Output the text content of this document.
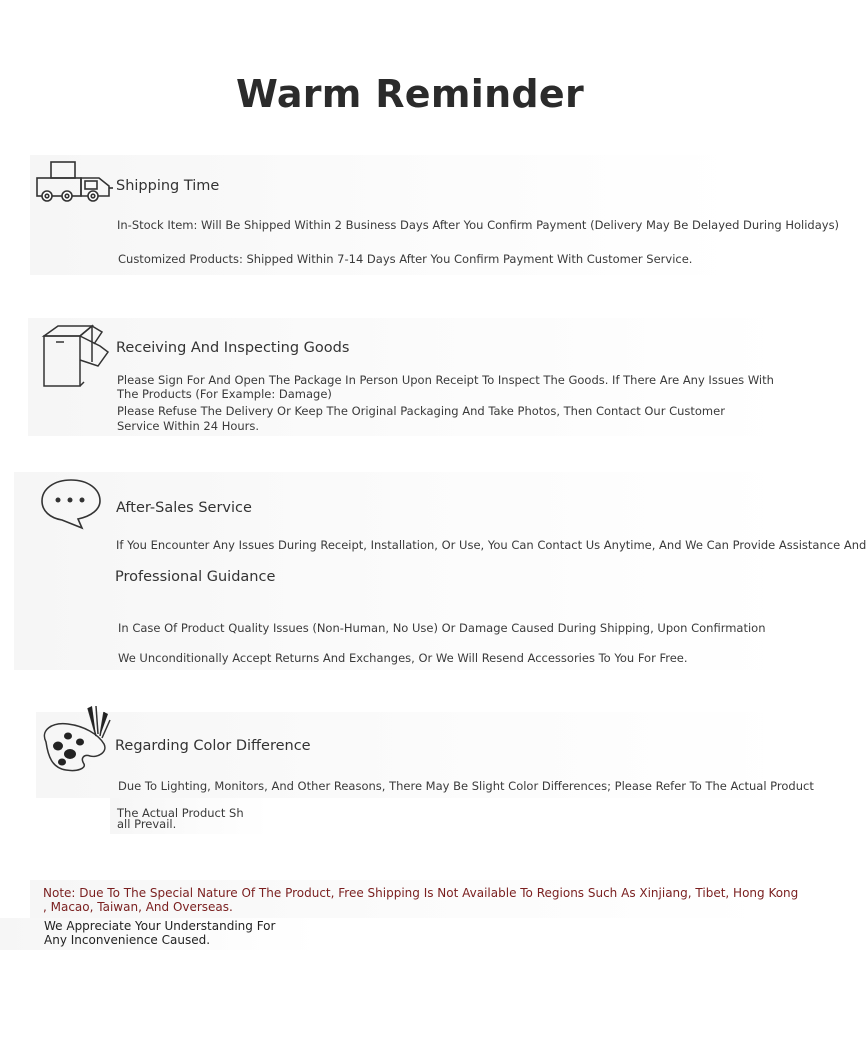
Warm Reminder
Shipping Time
In-Stock Item: Will Be Shipped Within 2 Business Days After You Confirm Payment (Delivery May Be Delayed During Holidays)
Customized Products: Shipped Within 7-14 Days After You Confirm Payment With Customer Service.
Receiving And Inspecting Goods
Please Sign For And Open The Package In Person Upon Receipt To Inspect The Goods. If There Are Any Issues With
The Products (For Example: Damage)
Please Refuse The Delivery Or Keep The Original Packaging And Take Photos, Then Contact Our Customer
Service Within 24 Hours.
After-Sales Service
If You Encounter Any Issues During Receipt, Installation, Or Use, You Can Contact Us Anytime, And We Can Provide Assistance And
Professional Guidance
In Case Of Product Quality Issues (Non-Human, No Use) Or Damage Caused During Shipping, Upon Confirmation
We Unconditionally Accept Returns And Exchanges, Or We Will Resend Accessories To You For Free.
Regarding Color Difference
Due To Lighting, Monitors, And Other Reasons, There May Be Slight Color Differences; Please Refer To The Actual Product
The Actual Product Sh
all Prevail.
Note: Due To The Special Nature Of The Product, Free Shipping Is Not Available To Regions Such As Xinjiang, Tibet, Hong Kong
, Macao, Taiwan, And Overseas.
We Appreciate Your Understanding For
Any Inconvenience Caused.
